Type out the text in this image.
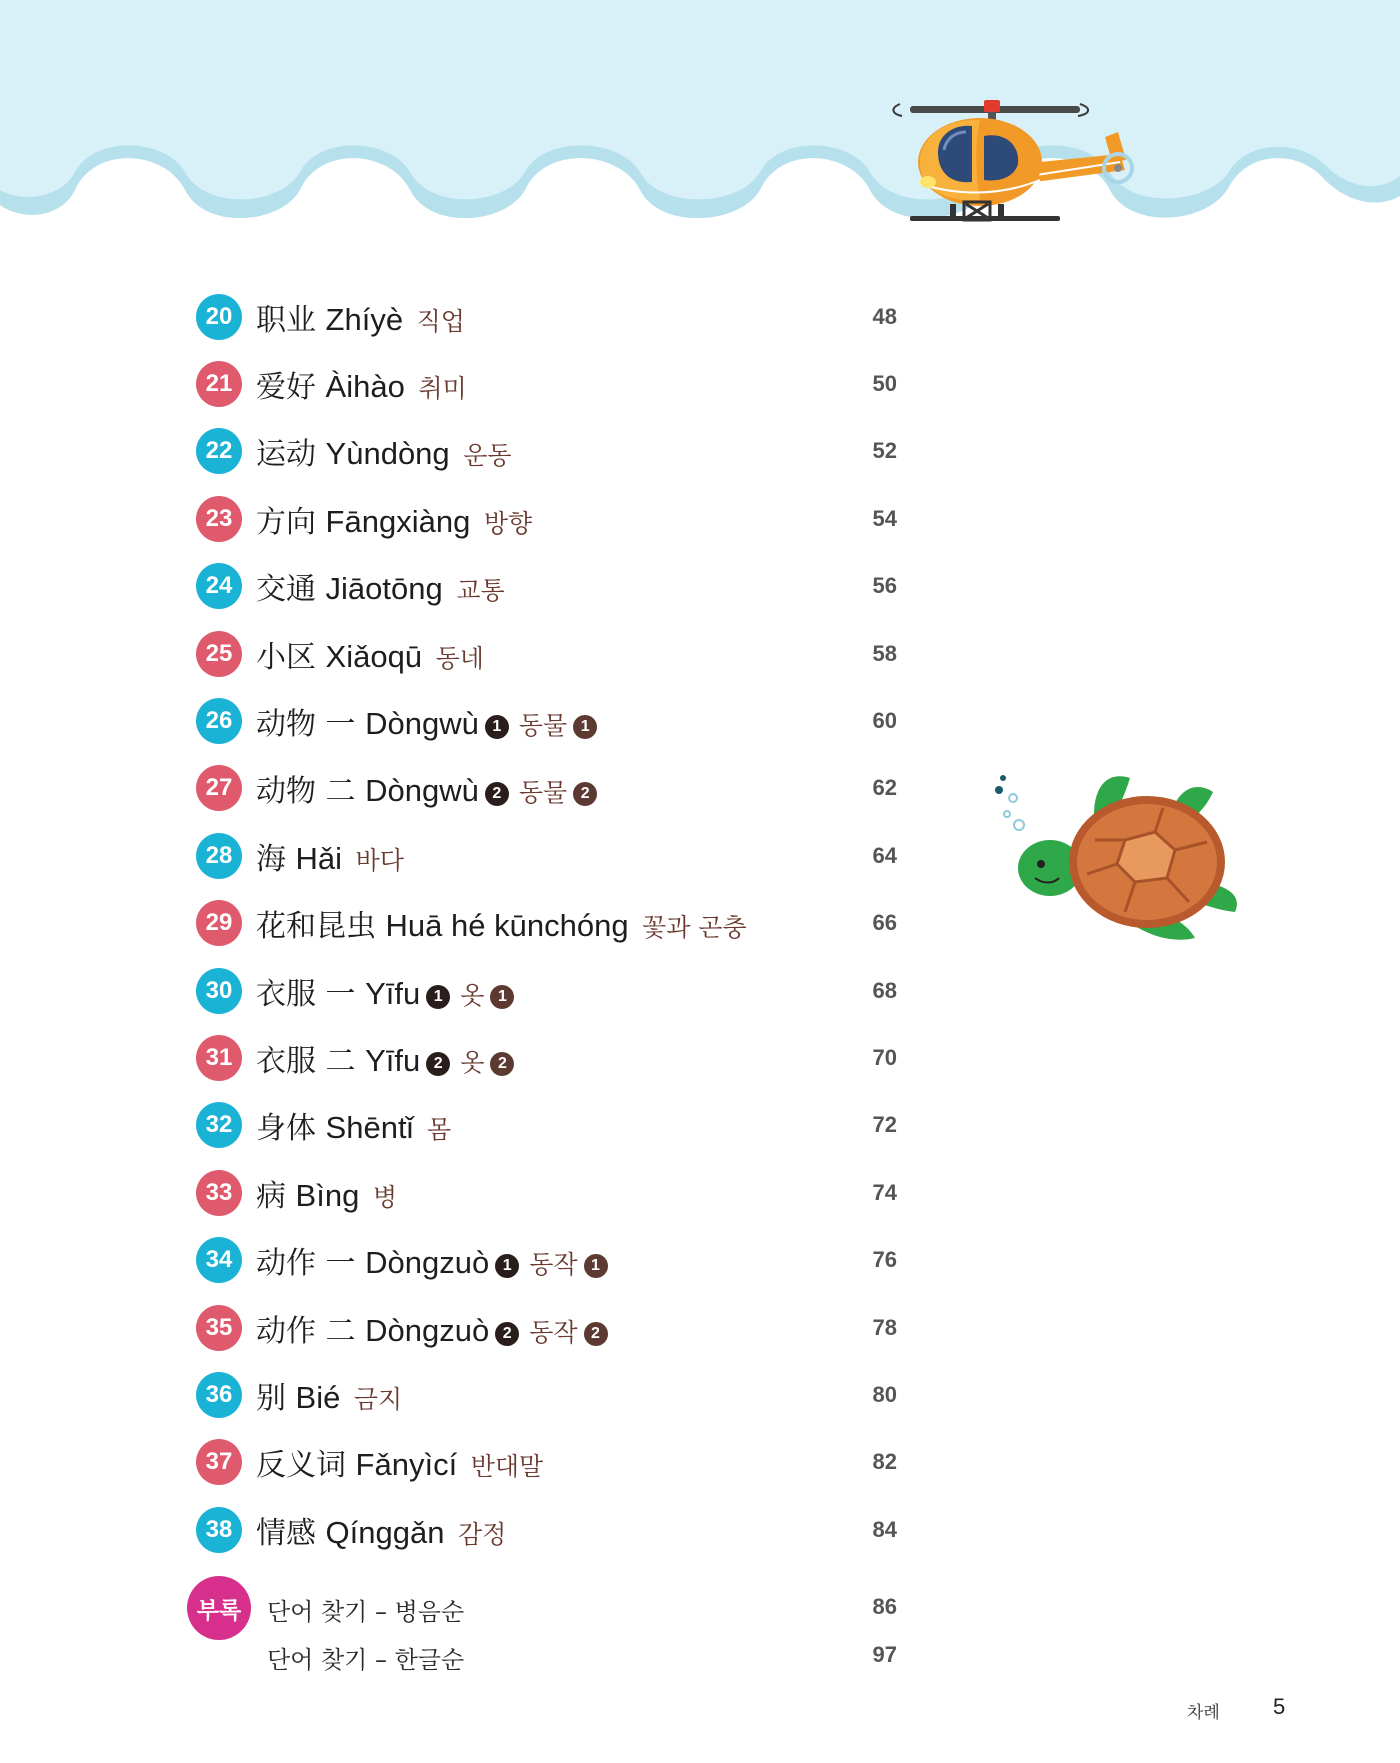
20 职业 Zhíyè 직업	48
21 爱好 Àihào 취미	50
22 运动 Yùndòng 운동	52
23 方向 Fāngxiàng 방향	54
24 交通 Jiāotōng 교통	56
25 小区 Xiǎoqū 동네	58
26 动物 一 Dòngwù 1 동물 1	60
27 动物 二 Dòngwù 2 동물 2	62
28 海 Hǎi 바다	64
29 花和昆虫 Huā hé kūnchóng 꽃과 곤충	66
30 衣服 一 Yīfu 1 옷 1	68
31 衣服 二 Yīfu 2 옷 2	70
32 身体 Shēntǐ 몸	72
33 病 Bìng 병	74
34 动作 一 Dòngzuò 1 동작 1	76
35 动作 二 Dòngzuò 2 동작 2	78
36 别 Bié 금지	80
37 反义词 Fǎnyìcí 반대말	82
38 情感 Qínggǎn 감정	84
부록	단어 찾기 – 병음순	86
단어 찾기 – 한글순	97
차례 5
